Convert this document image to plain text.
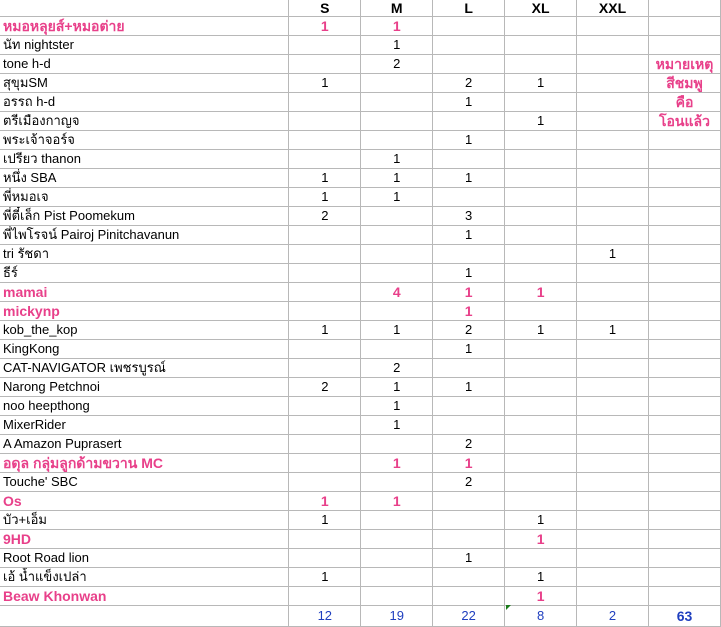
	S	M	L	XL	XXL	
หมอหลุยส์+หมอต่าย	1	1				
นัท nightster		1				
tone h-d		2				หมายเหตุ
สุขุมSM	1		2	1		สีชมพู
อรรถ h-d			1			คือ
ตรีเมืองกาญจ				1		โอนแล้ว
พระเจ้าจอร์จ			1			
เปรียว thanon		1				
หนึ่ง SBA	1	1	1			
พี่หมอเจ	1	1				
พี่ตี๋เล็ก Pist Poomekum	2		3			
พี่ไพโรจน์ Pairoj Pinitchavanun			1			
tri รัชดา					1	
ธีร์			1			
mamai		4	1	1		
mickynp			1			
kob_the_kop	1	1	2	1	1	
KingKong			1			
CAT-NAVIGATOR เพชรบูรณ์		2				
Narong Petchnoi	2	1	1			
noo heepthong		1				
MixerRider		1				
A Amazon Puprasert			2			
อดุล กลุ่มลูกด้ามขวาน MC		1	1			
Touche' SBC			2			
Os	1	1				
บัว+เอ็ม	1			1		
9HD				1		
Root Road lion			1			
เอ้ น้ำแข็งเปล่า	1			1		
Beaw Khonwan				1		
	12	19	22	8	2	63
